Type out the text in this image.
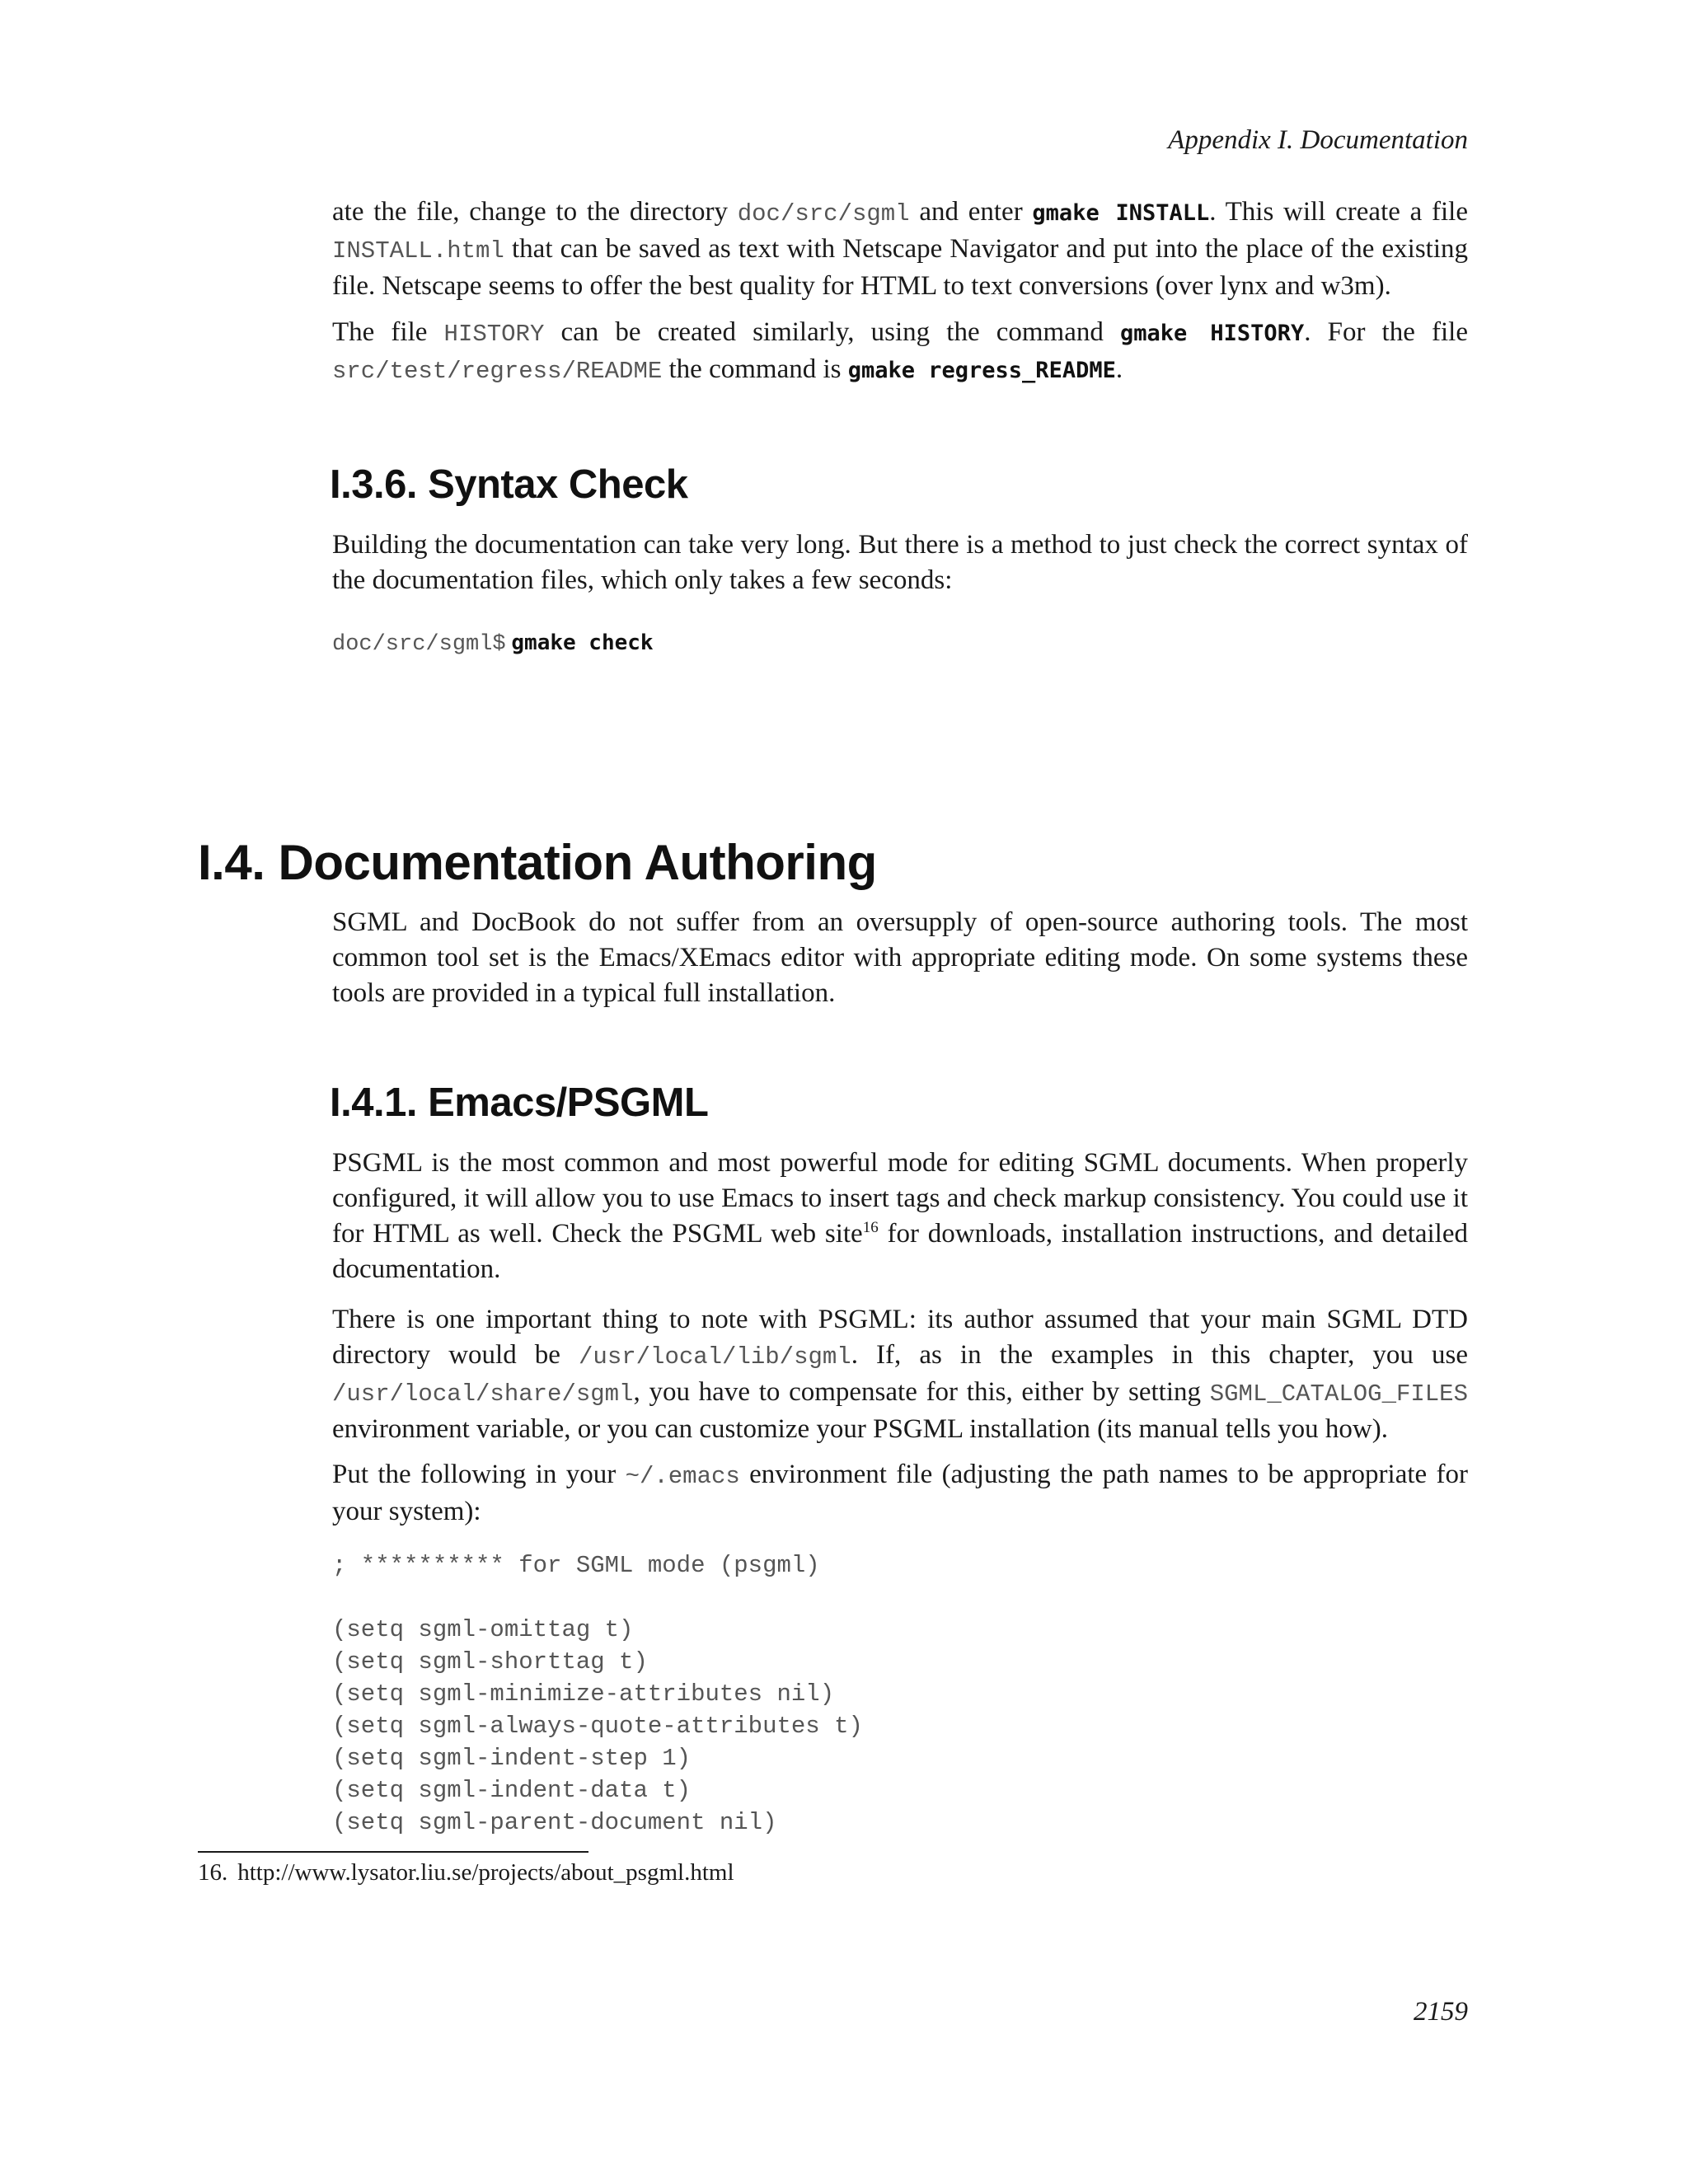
Appendix I. Documentation

ate the file, change to the directory doc/src/sgml and enter gmake INSTALL. This will create a file INSTALL.html that can be saved as text with Netscape Navigator and put into the place of the existing file. Netscape seems to offer the best quality for HTML to text conversions (over lynx and w3m).

The file HISTORY can be created similarly, using the command gmake HISTORY. For the file src/test/regress/README the command is gmake regress_README.

I.3.6. Syntax Check

Building the documentation can take very long. But there is a method to just check the correct syntax of the documentation files, which only takes a few seconds:

doc/src/sgml$ gmake check
I.4. Documentation Authoring

SGML and DocBook do not suffer from an oversupply of open-source authoring tools. The most common tool set is the Emacs/XEmacs editor with appropriate editing mode. On some systems these tools are provided in a typical full installation.

I.4.1. Emacs/PSGML

PSGML is the most common and most powerful mode for editing SGML documents. When properly configured, it will allow you to use Emacs to insert tags and check markup consistency. You could use it for HTML as well. Check the PSGML web site$^{16}$ for downloads, installation instructions, and detailed documentation.

There is one important thing to note with PSGML: its author assumed that your main SGML DTD directory would be /usr/local/lib/sgml. If, as in the examples in this chapter, you use /usr/local/share/sgml, you have to compensate for this, either by setting SGML_CATALOG_FILES environment variable, or you can customize your PSGML installation (its manual tells you how).

Put the following in your ~/.emacs environment file (adjusting the path names to be appropriate for your system):

; ********** for SGML mode (psgml)

(setq sgml-omittag t)
(setq sgml-shorttag t)
(setq sgml-minimize-attributes nil)
(setq sgml-always-quote-attributes t)
(setq sgml-indent-step 1)
(setq sgml-indent-data t)
(setq sgml-parent-document nil)
16. http://www.lysator.liu.se/projects/about_psgml.html
2159
